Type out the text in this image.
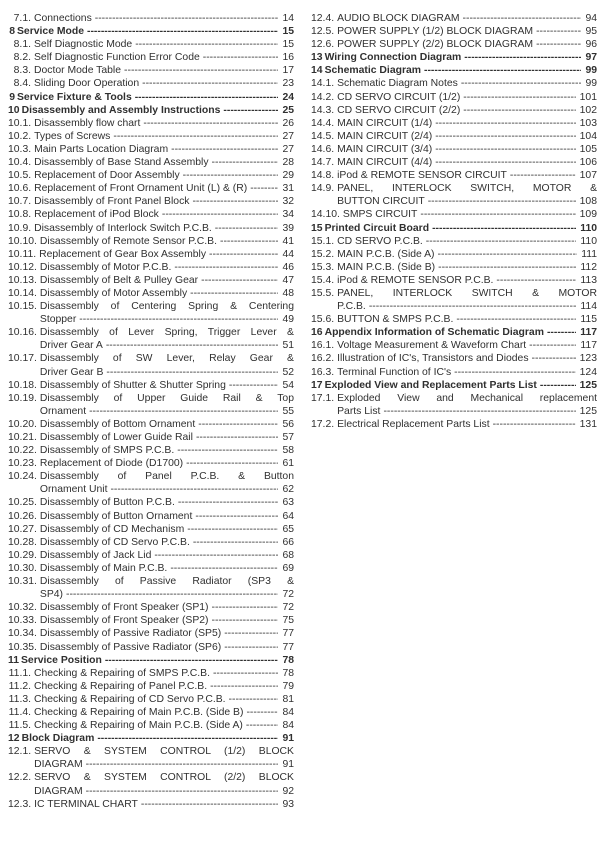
7.1. Connections -----	14
8 Service Mode -----	15
8.1. Self Diagnostic Mode -----	15
8.2. Self Diagnostic Function Error Code -----	16
8.3. Doctor Mode Table -----	17
8.4. Sliding Door Operation -----	23
9 Service Fixture & Tools -----	24
10 Disassembly and Assembly Instructions -----	25
10.1. Disassembly flow chart -----	26
10.2. Types of Screws -----	27
10.3. Main Parts Location Diagram -----	27
10.4. Disassembly of Base Stand Assembly -----	28
10.5. Replacement of Door Assembly -----	29
10.6. Replacement of Front Ornament Unit (L) & (R) -----	31
10.7. Disassembly of Front Panel Block -----	32
10.8. Replacement of iPod Block -----	34
10.9. Disassembly of Interlock Switch P.C.B. -----	39
10.10. Disassembly of Remote Sensor P.C.B. -----	41
10.11. Replacement of Gear Box Assembly -----	44
10.12. Disassembly of Motor P.C.B. -----	46
10.13. Disassembly of Belt & Pulley Gear -----	47
10.14. Disassembly of Motor Assembly -----	48
10.15. Disassembly of Centering Spring & Centering
Stopper -----	49
10.16. Disassembly of Lever Spring, Trigger Lever &
Driver Gear A -----	51
10.17. Disassembly of SW Lever, Relay Gear &
Driver Gear B -----	52
10.18. Disassembly of Shutter & Shutter Spring -----	54
10.19. Disassembly of Upper Guide Rail & Top
Ornament -----	55
10.20. Disassembly of Bottom Ornament -----	56
10.21. Disassembly of Lower Guide Rail -----	57
10.22. Disassembly of SMPS P.C.B. -----	58
10.23. Replacement of Diode (D1700) -----	61
10.24. Disassembly of Panel P.C.B. & Button
Ornament Unit -----	62
10.25. Disassembly of Button P.C.B. -----	63
10.26. Disassembly of Button Ornament -----	64
10.27. Disassembly of CD Mechanism -----	65
10.28. Disassembly of CD Servo P.C.B. -----	66
10.29. Disassembly of Jack Lid -----	68
10.30. Disassembly of Main P.C.B. -----	69
10.31. Disassembly of Passive Radiator (SP3 &
SP4) -----	72
10.32. Disassembly of Front Speaker (SP1) -----	72
10.33. Disassembly of Front Speaker (SP2) -----	75
10.34. Disassembly of Passive Radiator (SP5) -----	77
10.35. Disassembly of Passive Radiator (SP6) -----	77
11 Service Position -----	78
11.1. Checking & Repairing of SMPS P.C.B. -----	78
11.2. Checking & Repairing of Panel P.C.B. -----	79
11.3. Checking & Repairing of CD Servo P.C.B. -----	81
11.4. Checking & Repairing of Main P.C.B. (Side B) -----	84
11.5. Checking & Repairing of Main P.C.B. (Side A) -----	84
12 Block Diagram -----	91
12.1. SERVO & SYSTEM CONTROL (1/2) BLOCK
DIAGRAM -----	91
12.2. SERVO & SYSTEM CONTROL (2/2) BLOCK
DIAGRAM -----	92
12.3. IC TERMINAL CHART -----	93
12.4. AUDIO BLOCK DIAGRAM -----	94
12.5. POWER SUPPLY (1/2) BLOCK DIAGRAM -----	95
12.6. POWER SUPPLY (2/2) BLOCK DIAGRAM -----	96
13 Wiring Connection Diagram -----	97
14 Schematic Diagram -----	99
14.1. Schematic Diagram Notes -----	99
14.2. CD SERVO CIRCUIT (1/2) -----	101
14.3. CD SERVO CIRCUIT (2/2) -----	102
14.4. MAIN CIRCUIT (1/4) -----	103
14.5. MAIN CIRCUIT (2/4) -----	104
14.6. MAIN CIRCUIT (3/4) -----	105
14.7. MAIN CIRCUIT (4/4) -----	106
14.8. iPod & REMOTE SENSOR CIRCUIT -----	107
14.9. PANEL, INTERLOCK SWITCH, MOTOR &
BUTTON CIRCUIT -----	108
14.10. SMPS CIRCUIT -----	109
15 Printed Circuit Board -----	110
15.1. CD SERVO P.C.B. -----	110
15.2. MAIN P.C.B. (Side A) -----	111
15.3. MAIN P.C.B. (Side B) -----	112
15.4. iPod & REMOTE SENSOR P.C.B. -----	113
15.5. PANEL, INTERLOCK SWITCH & MOTOR
P.C.B. -----	114
15.6. BUTTON & SMPS P.C.B. -----	115
16 Appendix Information of Schematic Diagram -----	117
16.1. Voltage Measurement & Waveform Chart -----	117
16.2. Illustration of IC's, Transistors and Diodes -----	123
16.3. Terminal Function of IC's -----	124
17 Exploded View and Replacement Parts List -----	125
17.1. Exploded View and Mechanical replacement
Parts List -----	125
17.2. Electrical Replacement Parts List -----	131
